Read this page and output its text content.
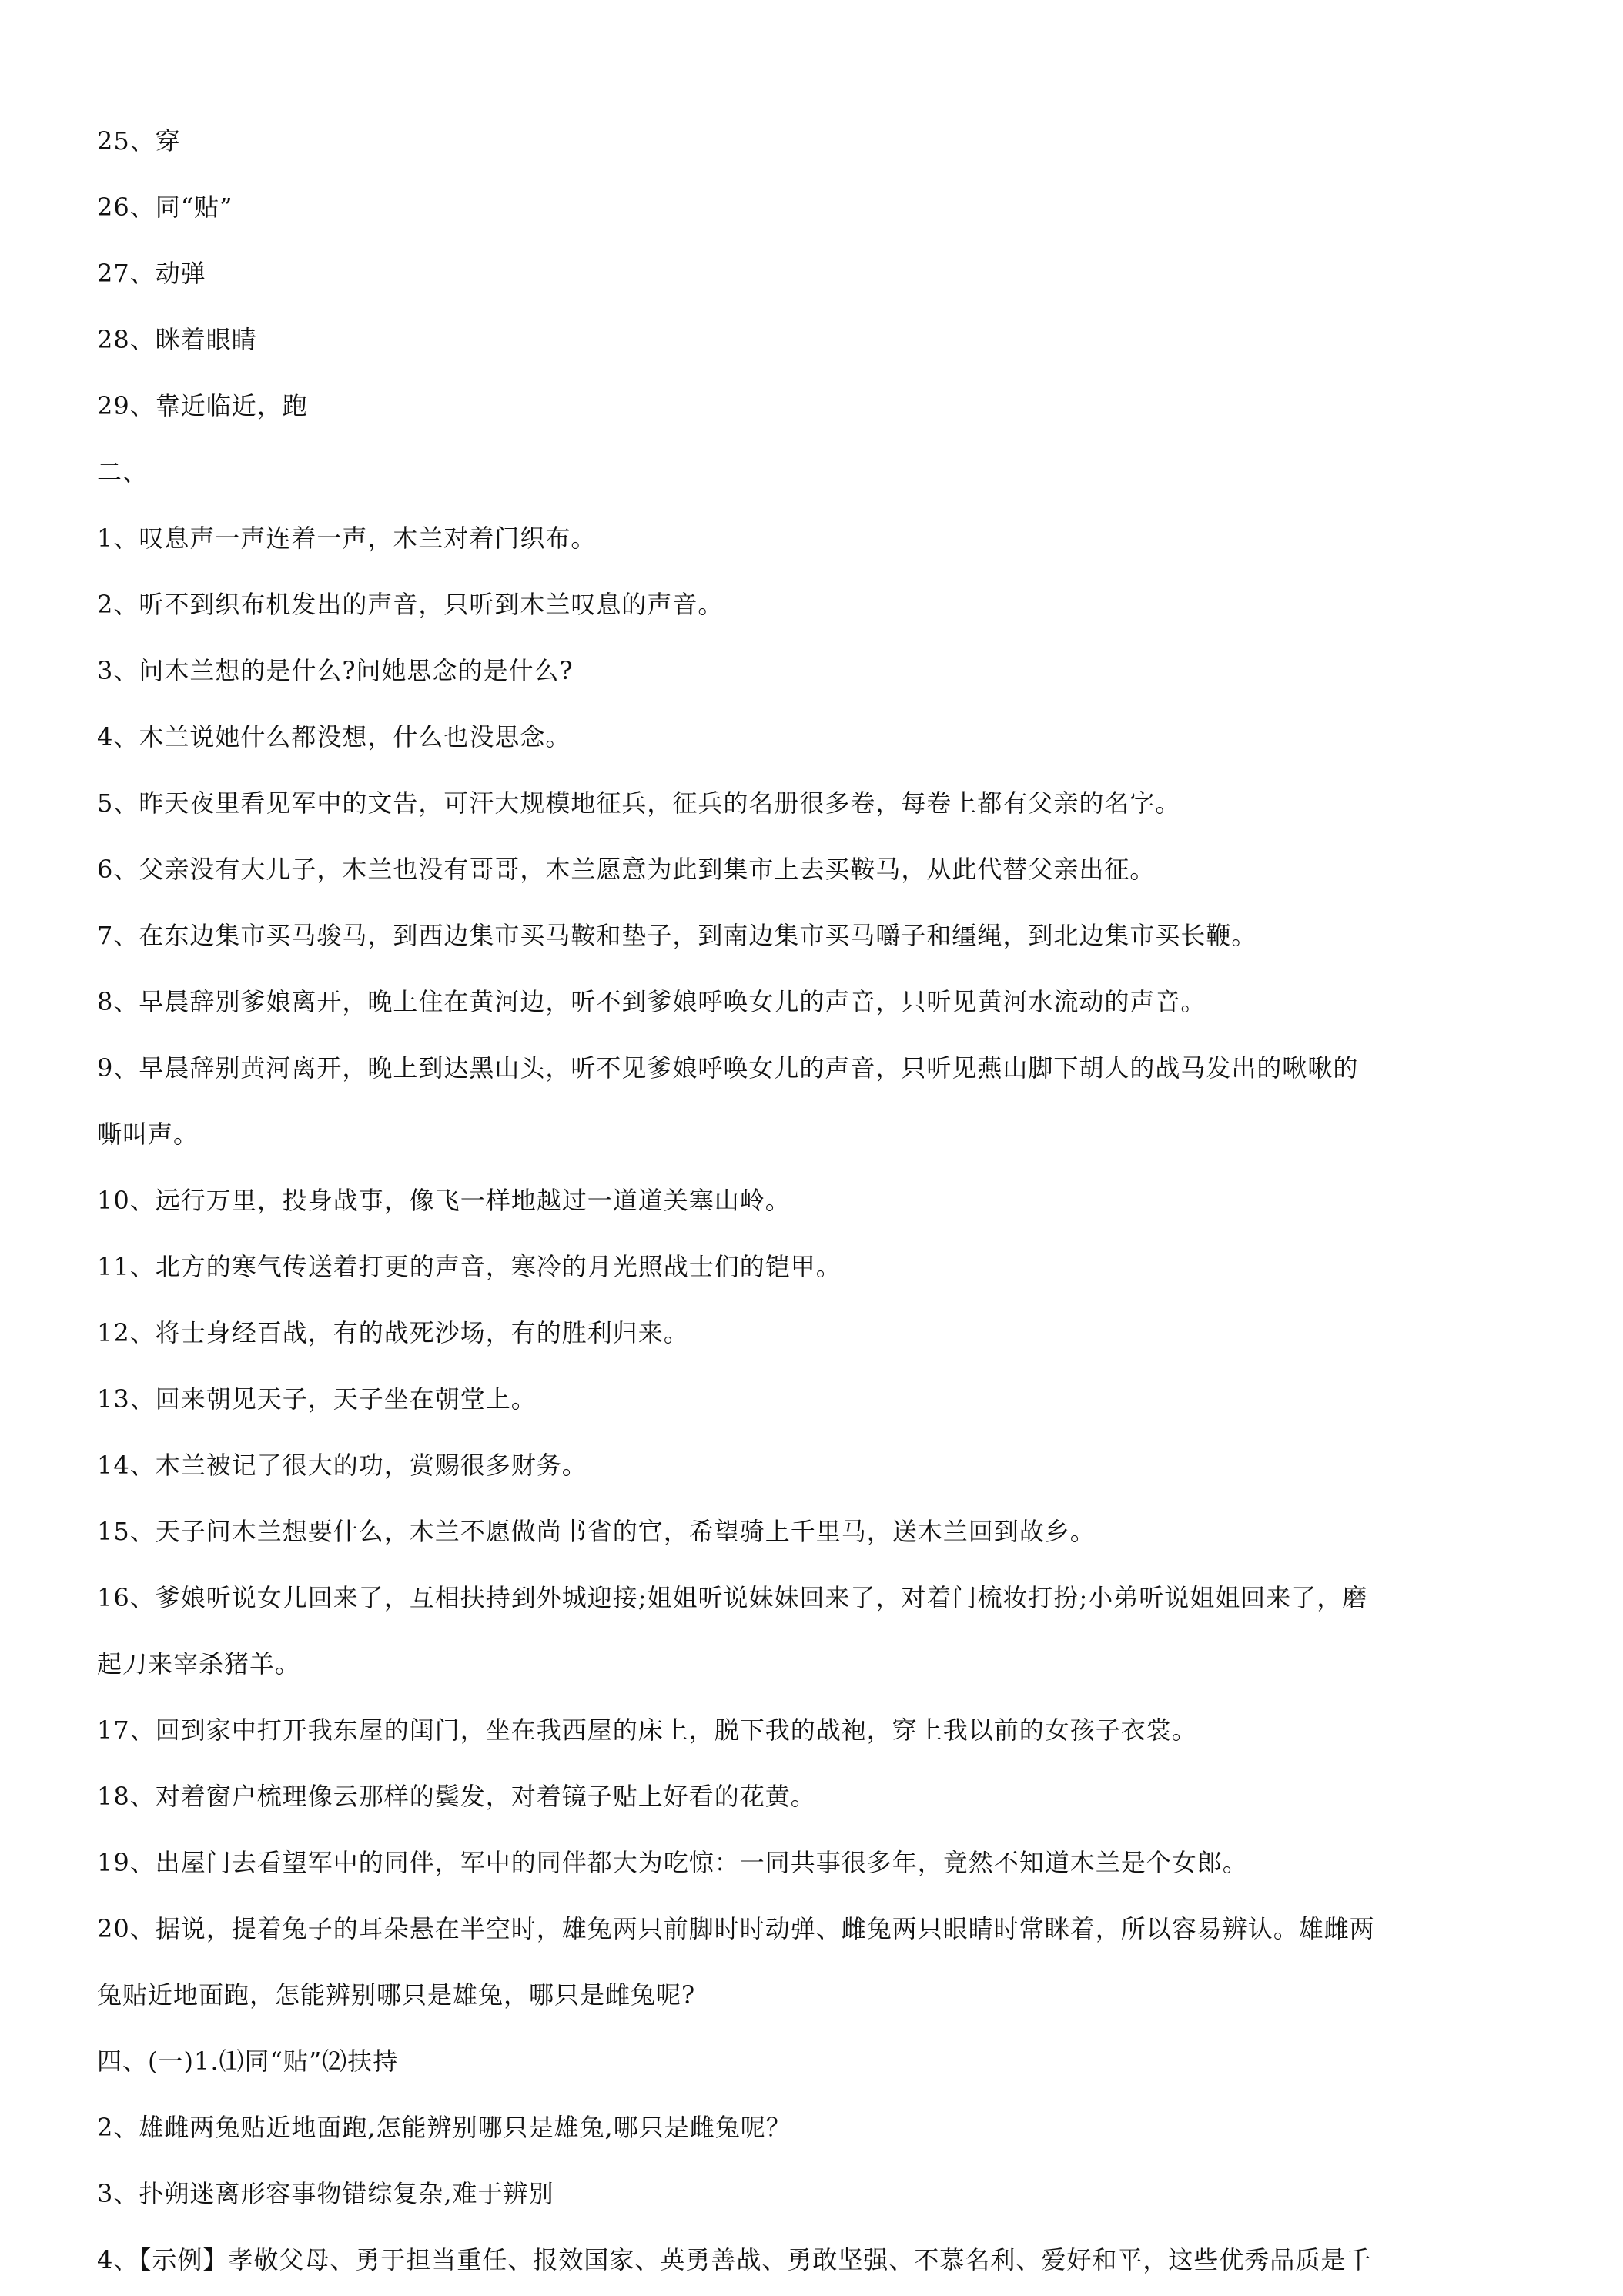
25、穿
26、同“贴”
27、动弹
28、眯着眼睛
29、靠近临近，跑
二、
1、叹息声一声连着一声，木兰对着门织布。
2、听不到织布机发出的声音，只听到木兰叹息的声音。
3、问木兰想的是什么?问她思念的是什么?
4、木兰说她什么都没想，什么也没思念。
5、昨天夜里看见军中的文告，可汗大规模地征兵，征兵的名册很多卷，每卷上都有父亲的名字。
6、父亲没有大儿子，木兰也没有哥哥，木兰愿意为此到集市上去买鞍马，从此代替父亲出征。
7、在东边集市买马骏马，到西边集市买马鞍和垫子，到南边集市买马嚼子和缰绳，到北边集市买长鞭。
8、早晨辞别爹娘离开，晚上住在黄河边，听不到爹娘呼唤女儿的声音，只听见黄河水流动的声音。
9、早晨辞别黄河离开，晚上到达黑山头，听不见爹娘呼唤女儿的声音，只听见燕山脚下胡人的战马发出的啾啾的
嘶叫声。
10、远行万里，投身战事，像飞一样地越过一道道关塞山岭。
11、北方的寒气传送着打更的声音，寒冷的月光照战士们的铠甲。
12、将士身经百战，有的战死沙场，有的胜利归来。
13、回来朝见天子，天子坐在朝堂上。
14、木兰被记了很大的功，赏赐很多财务。
15、天子问木兰想要什么，木兰不愿做尚书省的官，希望骑上千里马，送木兰回到故乡。
16、爹娘听说女儿回来了，互相扶持到外城迎接;姐姐听说妹妹回来了，对着门梳妆打扮;小弟听说姐姐回来了，磨
起刀来宰杀猪羊。
17、回到家中打开我东屋的闺门，坐在我西屋的床上，脱下我的战袍，穿上我以前的女孩子衣裳。
18、对着窗户梳理像云那样的鬓发，对着镜子贴上好看的花黄。
19、出屋门去看望军中的同伴，军中的同伴都大为吃惊：一同共事很多年，竟然不知道木兰是个女郎。
20、据说，提着兔子的耳朵悬在半空时，雄兔两只前脚时时动弹、雌兔两只眼睛时常眯着，所以容易辨认。雄雌两
兔贴近地面跑，怎能辨别哪只是雄兔，哪只是雌兔呢?
四、(一)1.⑴同“贴”⑵扶持
2、雄雌两兔贴近地面跑,怎能辨别哪只是雄兔,哪只是雌兔呢？
3、扑朔迷离形容事物错综复杂,难于辨别
4、【示例】孝敬父母、勇于担当重任、报效国家、英勇善战、勇敢坚强、不慕名利、爱好和平，这些优秀品质是千
